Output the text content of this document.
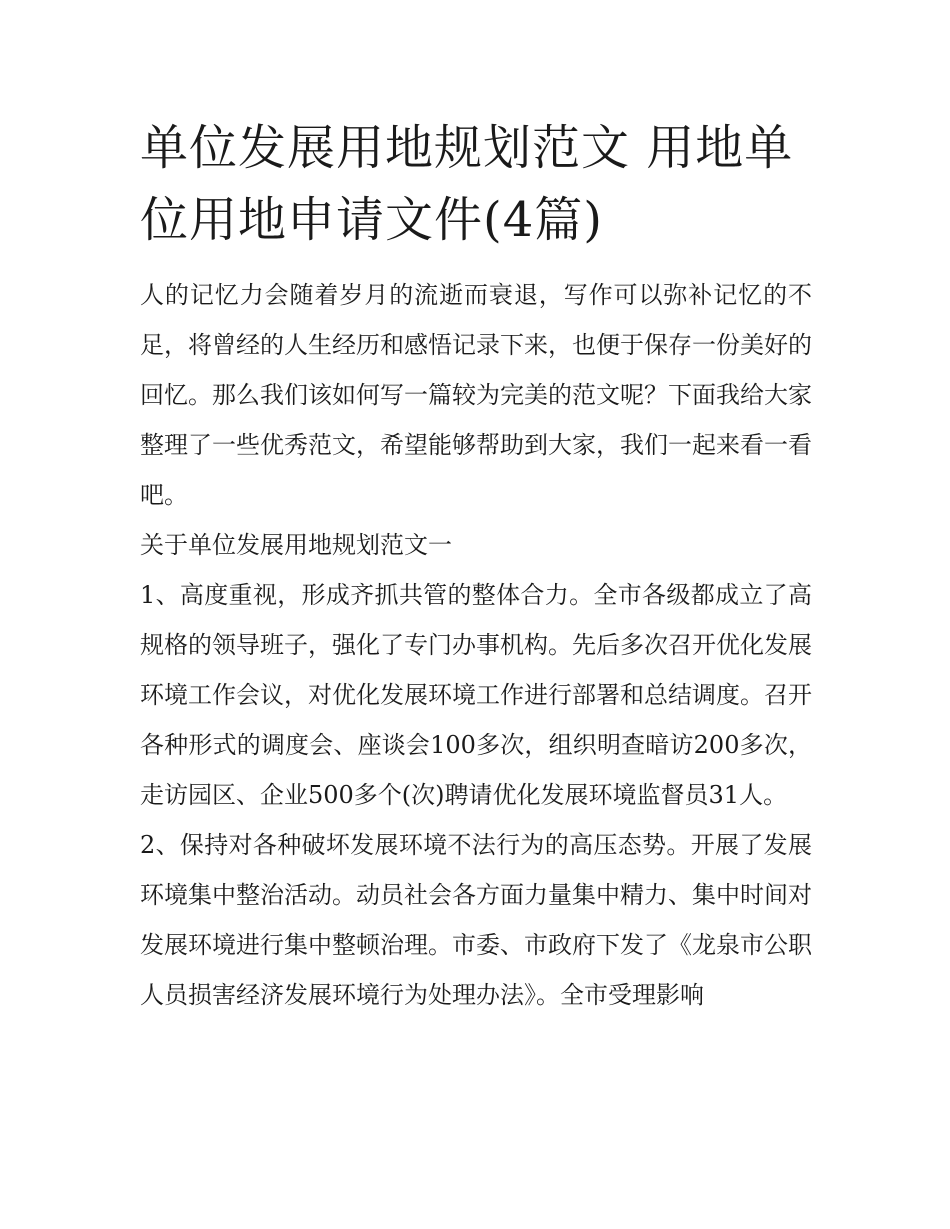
单位发展用地规划范文 用地单位用地申请文件(4篇)

人的记忆力会随着岁月的流逝而衰退，写作可以弥补记忆的不足，将曾经的人生经历和感悟记录下来，也便于保存一份美好的回忆。那么我们该如何写一篇较为完美的范文呢？下面我给大家整理了一些优秀范文，希望能够帮助到大家，我们一起来看一看吧。

关于单位发展用地规划范文一

1、高度重视，形成齐抓共管的整体合力。全市各级都成立了高规格的领导班子，强化了专门办事机构。先后多次召开优化发展环境工作会议，对优化发展环境工作进行部署和总结调度。召开各种形式的调度会、座谈会100多次，组织明查暗访200多次，走访园区、企业500多个(次)聘请优化发展环境监督员31人。

2、保持对各种破坏发展环境不法行为的高压态势。开展了发展环境集中整治活动。动员社会各方面力量集中精力、集中时间对发展环境进行集中整顿治理。市委、市政府下发了《龙泉市公职人员损害经济发展环境行为处理办法》。全市受理影响
